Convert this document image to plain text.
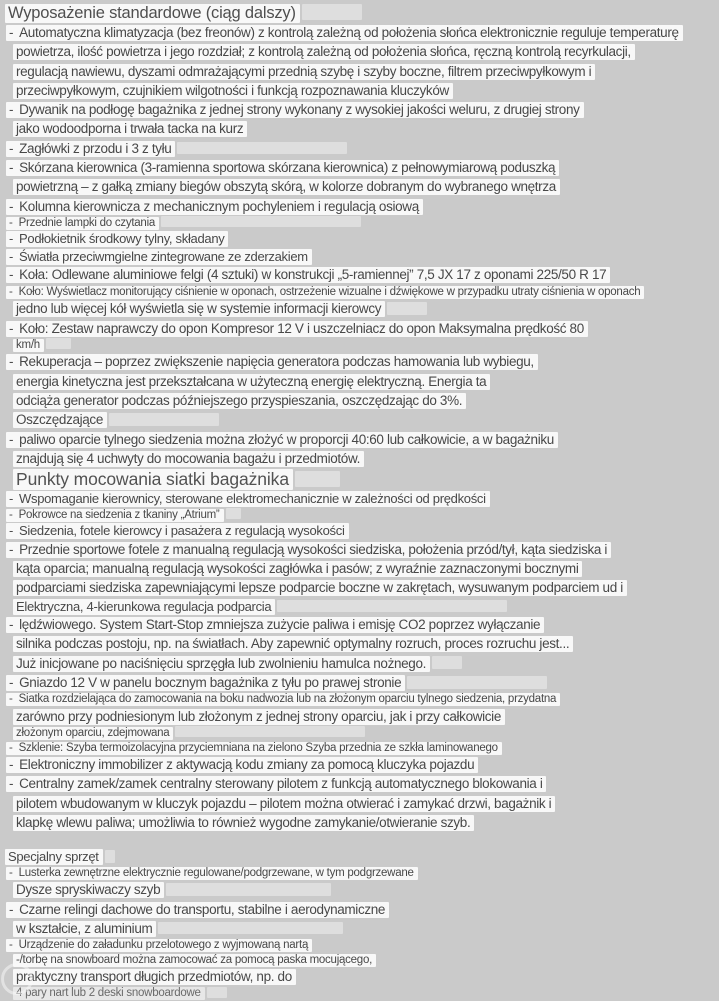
Wyposażenie standardowe (ciąg dalszy)
- Automatyczna klimatyzacja (bez freonów) z kontrolą zależną od położenia słońca elektronicznie reguluje temperaturę
powietrza, ilość powietrza i jego rozdział; z kontrolą zależną od położenia słońca, ręczną kontrolą recyrkulacji,
regulacją nawiewu, dyszami odmrażającymi przednią szybę i szyby boczne, filtrem przeciwpyłkowym i
przeciwpyłkowym, czujnikiem wilgotności i funkcją rozpoznawania kluczyków
- Dywanik na podłogę bagażnika z jednej strony wykonany z wysokiej jakości weluru, z drugiej strony
jako wodoodporna i trwała tacka na kurz
- Zagłówki z przodu i 3 z tyłu
- Skórzana kierownica (3-ramienna sportowa skórzana kierownica) z pełnowymiarową poduszką
powietrzną – z gałką zmiany biegów obszytą skórą, w kolorze dobranym do wybranego wnętrza
- Kolumna kierownicza z mechanicznym pochyleniem i regulacją osiową
- Przednie lampki do czytania
- Podłokietnik środkowy tylny, składany
- Światła przeciwmgielne zintegrowane ze zderzakiem
- Koła: Odlewane aluminiowe felgi (4 sztuki) w konstrukcji „5-ramiennej” 7,5 JX 17 z oponami 225/50 R 17
- Koło: Wyświetlacz monitorujący ciśnienie w oponach, ostrzeżenie wizualne i dźwiękowe w przypadku utraty ciśnienia w oponach
jedno lub więcej kół wyświetla się w systemie informacji kierowcy
- Koło: Zestaw naprawczy do opon Kompresor 12 V i uszczelniacz do opon Maksymalna prędkość 80
km/h
- Rekuperacja – poprzez zwiększenie napięcia generatora podczas hamowania lub wybiegu,
energia kinetyczna jest przekształcana w użyteczną energię elektryczną. Energia ta
odciąża generator podczas późniejszego przyspieszania, oszczędzając do 3%.
Oszczędzające
- paliwo oparcie tylnego siedzenia można złożyć w proporcji 40:60 lub całkowicie, a w bagażniku
znajdują się 4 uchwyty do mocowania bagażu i przedmiotów.
Punkty mocowania siatki bagażnika
- Wspomaganie kierownicy, sterowane elektromechanicznie w zależności od prędkości
- Pokrowce na siedzenia z tkaniny „Atrium”
- Siedzenia, fotele kierowcy i pasażera z regulacją wysokości
- Przednie sportowe fotele z manualną regulacją wysokości siedziska, położenia przód/tył, kąta siedziska i
kąta oparcia; manualną regulacją wysokości zagłówka i pasów; z wyraźnie zaznaczonymi bocznymi
podparciami siedziska zapewniającymi lepsze podparcie boczne w zakrętach, wysuwanym podparciem ud i
Elektryczna, 4-kierunkowa regulacja podparcia
- lędźwiowego. System Start-Stop zmniejsza zużycie paliwa i emisję CO2 poprzez wyłączanie
silnika podczas postoju, np. na światłach. Aby zapewnić optymalny rozruch, proces rozruchu jest...
Już inicjowane po naciśnięciu sprzęgła lub zwolnieniu hamulca nożnego.
- Gniazdo 12 V w panelu bocznym bagażnika z tyłu po prawej stronie
- Siatka rozdzielająca do zamocowania na boku nadwozia lub na złożonym oparciu tylnego siedzenia, przydatna
zarówno przy podniesionym lub złożonym z jednej strony oparciu, jak i przy całkowicie
złożonym oparciu, zdejmowana
- Szklenie: Szyba termoizolacyjna przyciemniana na zielono Szyba przednia ze szkła laminowanego
- Elektroniczny immobilizer z aktywacją kodu zmiany za pomocą kluczyka pojazdu
- Centralny zamek/zamek centralny sterowany pilotem z funkcją automatycznego blokowania i
pilotem wbudowanym w kluczyk pojazdu – pilotem można otwierać i zamykać drzwi, bagażnik i
klapkę wlewu paliwa; umożliwia to również wygodne zamykanie/otwieranie szyb.
Specjalny sprzęt
- Lusterka zewnętrzne elektrycznie regulowane/podgrzewane, w tym podgrzewane
Dysze spryskiwaczy szyb
- Czarne relingi dachowe do transportu, stabilne i aerodynamiczne
w kształcie, z aluminium
- Urządzenie do załadunku przelotowego z wyjmowaną nartą
-/torbę na snowboard można zamocować za pomocą paska mocującego,
praktyczny transport długich przedmiotów, np. do
4 pary nart lub 2 deski snowboardowe
